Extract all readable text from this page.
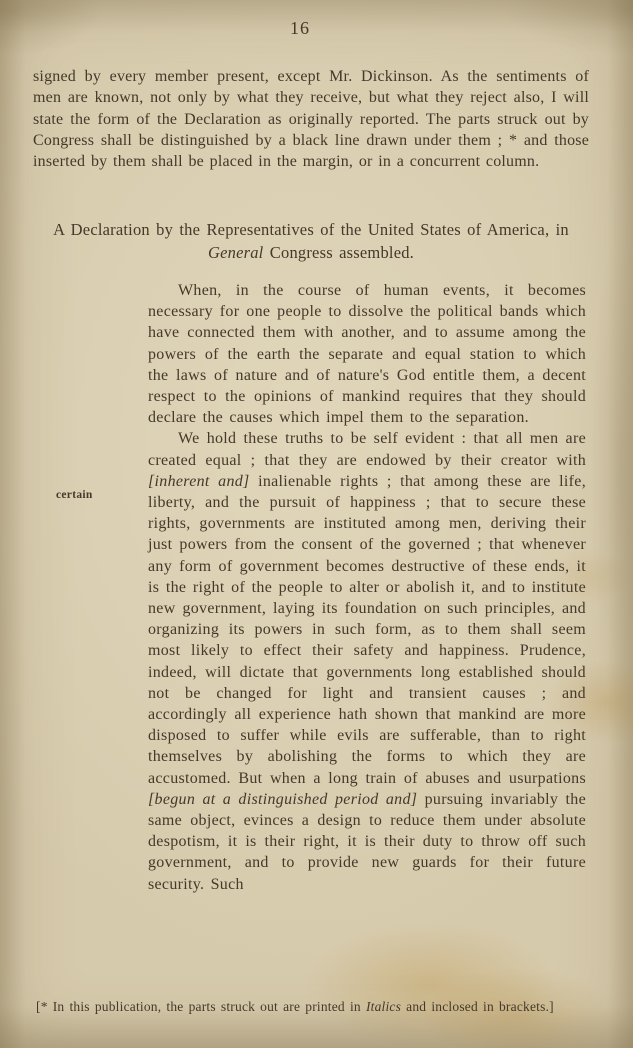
16

signed by every member present, except Mr. Dickinson. As the sentiments of men are known, not only by what they receive, but what they reject also, I will state the form of the Declaration as originally reported. The parts struck out by Congress shall be distinguished by a black line drawn under them ; * and those inserted by them shall be placed in the margin, or in a concurrent column.

A Declaration by the Representatives of the United States of America, in General Congress assembled.
certain

When, in the course of human events, it becomes necessary for one people to dissolve the political bands which have connected them with another, and to assume among the powers of the earth the separate and equal station to which the laws of nature and of nature's God entitle them, a decent respect to the opinions of mankind requires that they should declare the causes which impel them to the separation.

We hold these truths to be self evident : that all men are created equal ; that they are endowed by their creator with [inherent and] inalienable rights ; that among these are life, liberty, and the pursuit of happiness ; that to secure these rights, governments are instituted among men, deriving their just powers from the consent of the governed ; that whenever any form of government becomes destructive of these ends, it is the right of the people to alter or abolish it, and to institute new government, laying its foundation on such principles, and organizing its powers in such form, as to them shall seem most likely to effect their safety and happiness. Prudence, indeed, will dictate that governments long established should not be changed for light and transient causes ; and accordingly all experience hath shown that mankind are more disposed to suffer while evils are sufferable, than to right themselves by abolishing the forms to which they are accustomed. But when a long train of abuses and usurpations [begun at a distinguished period and] pursuing invariably the same object, evinces a design to reduce them under absolute despotism, it is their right, it is their duty to throw off such government, and to provide new guards for their future security. Such

[* In this publication, the parts struck out are printed in Italics and inclosed in brackets.]
